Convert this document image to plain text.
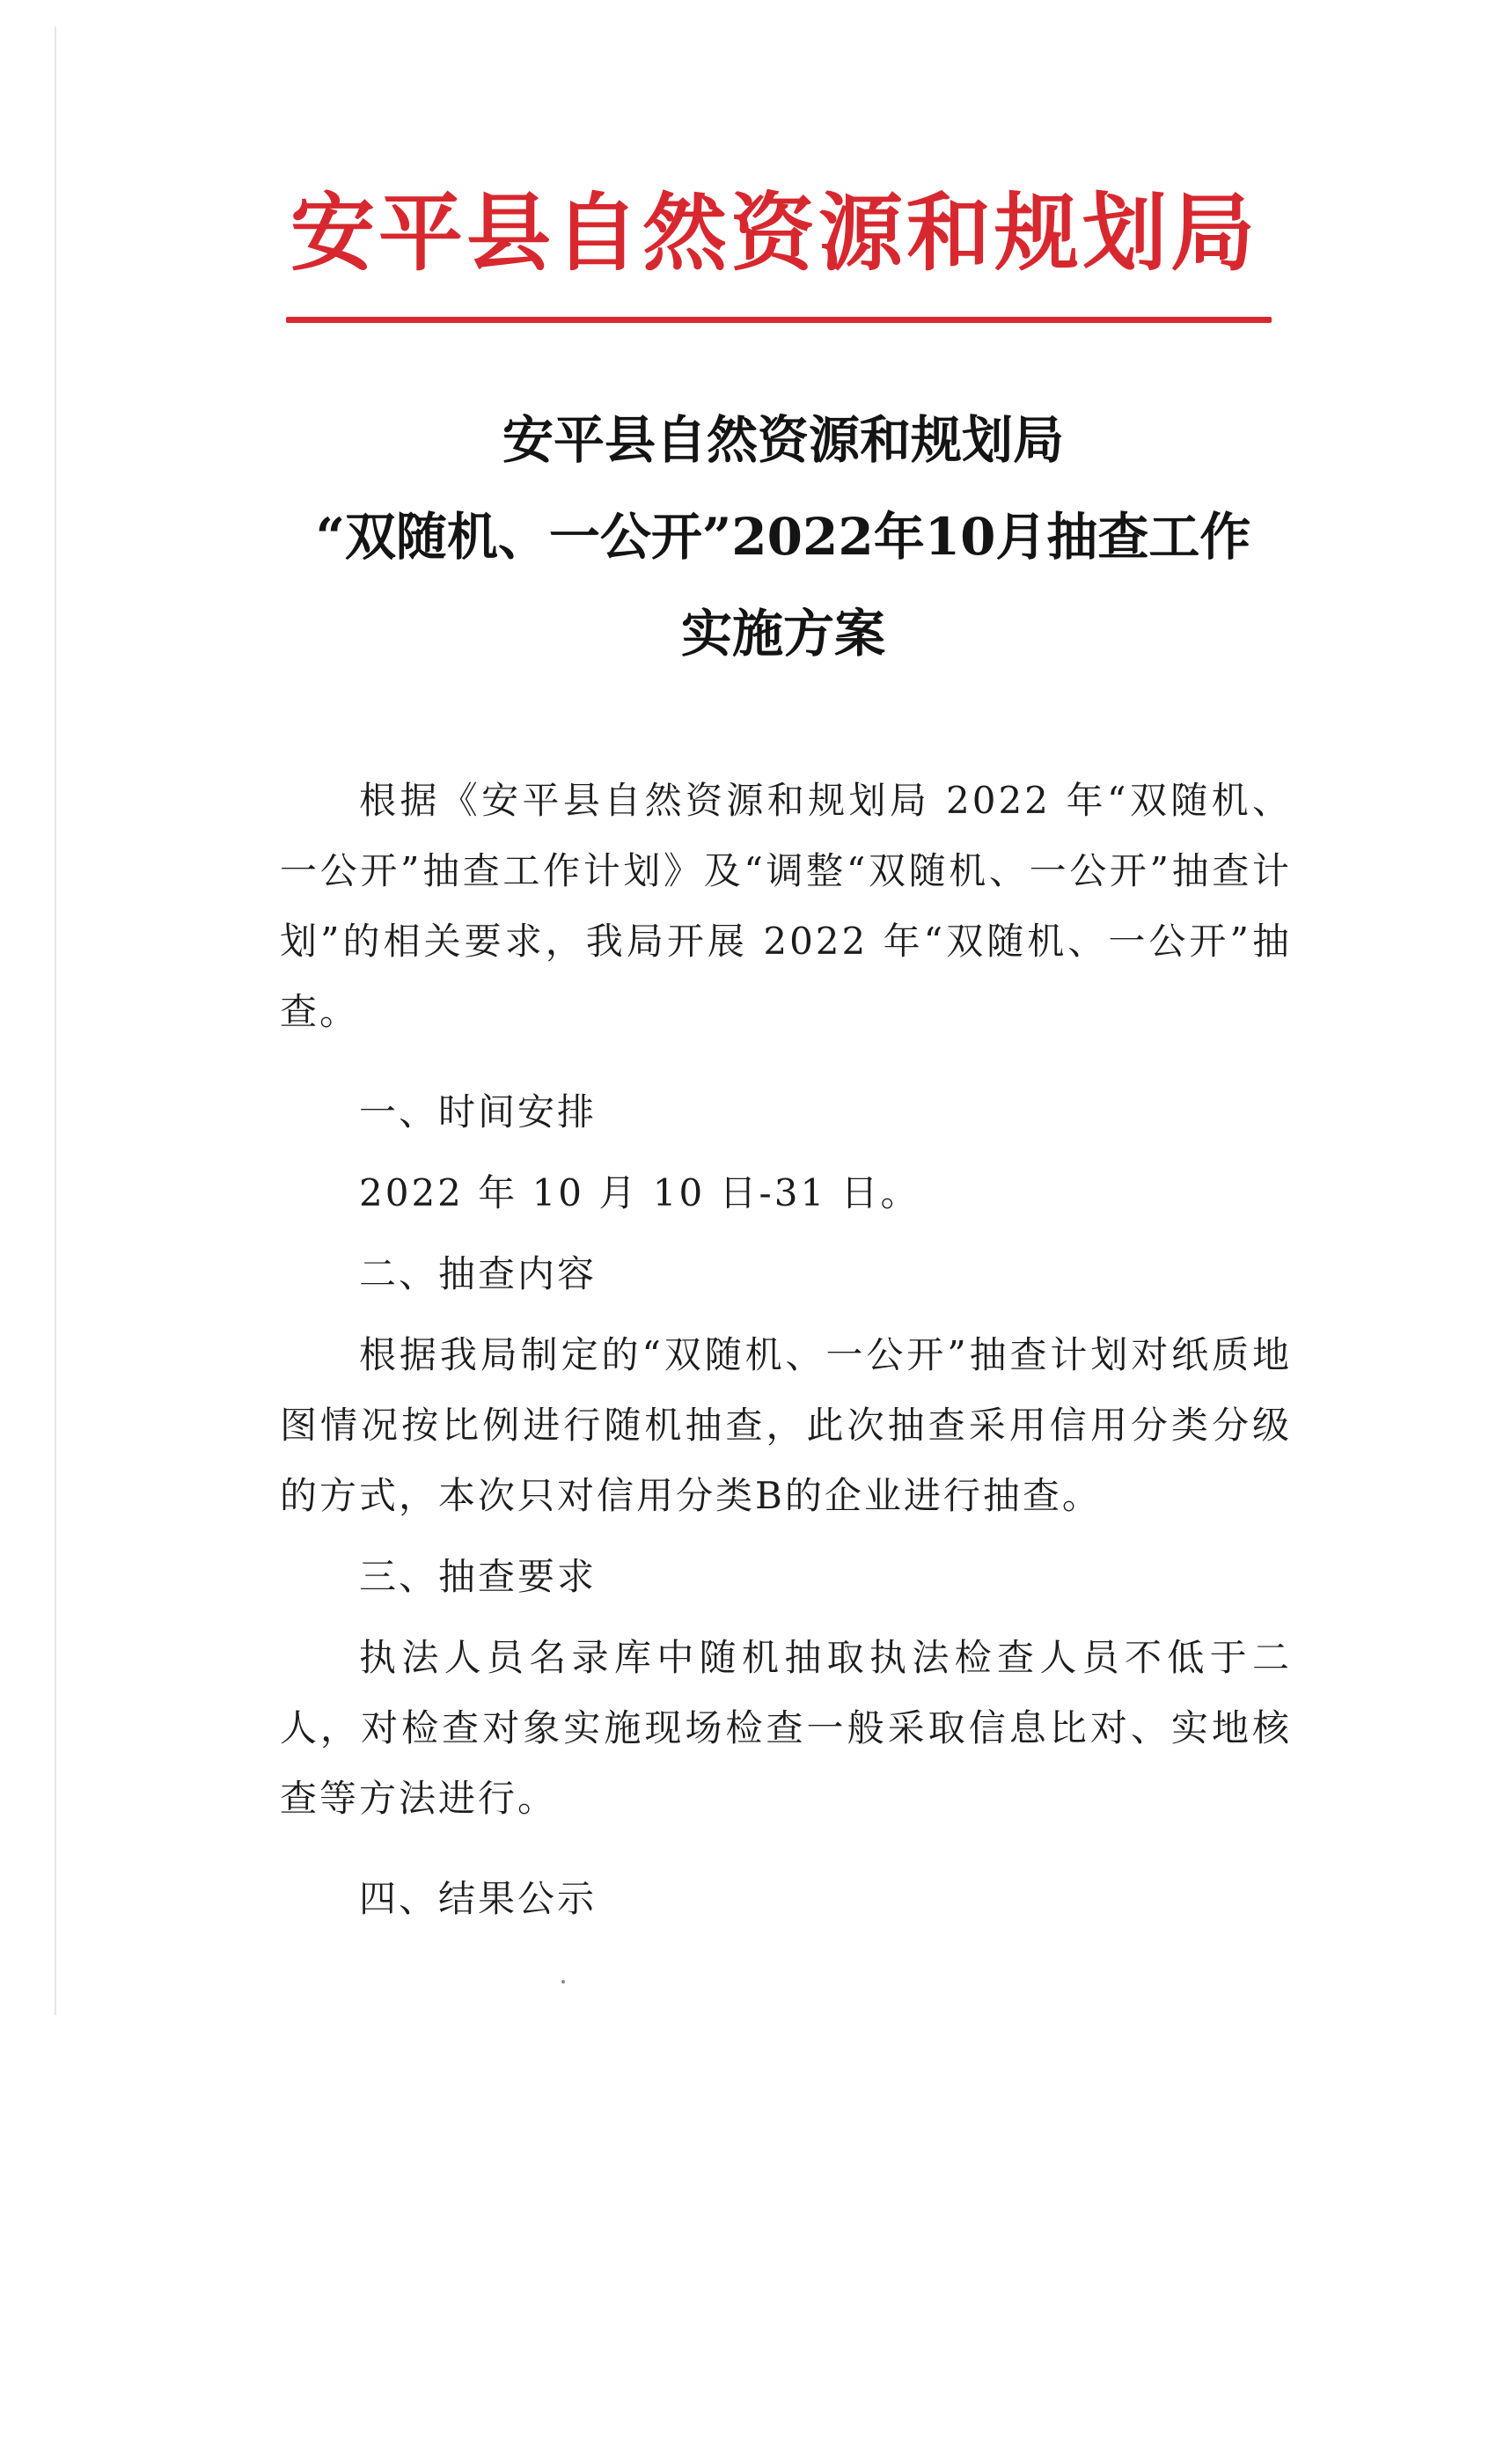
安平县自然资源和规划局
安平县自然资源和规划局
“双随机、一公开”2022年10月抽查工作
实施方案

根据《安平县自然资源和规划局 2022 年“双随机、一公开”抽查工作计划》及“调整“双随机、一公开”抽查计划”的相关要求，我局开展 2022 年“双随机、一公开”抽查。

一、时间安排

2022 年 10 月 10 日-31 日。

二、抽查内容

根据我局制定的“双随机、一公开”抽查计划对纸质地图情况按比例进行随机抽查，此次抽查采用信用分类分级的方式，本次只对信用分类B的企业进行抽查。

三、抽查要求

执法人员名录库中随机抽取执法检查人员不低于二人，对检查对象实施现场检查一般采取信息比对、实地核查等方法进行。

四、结果公示
